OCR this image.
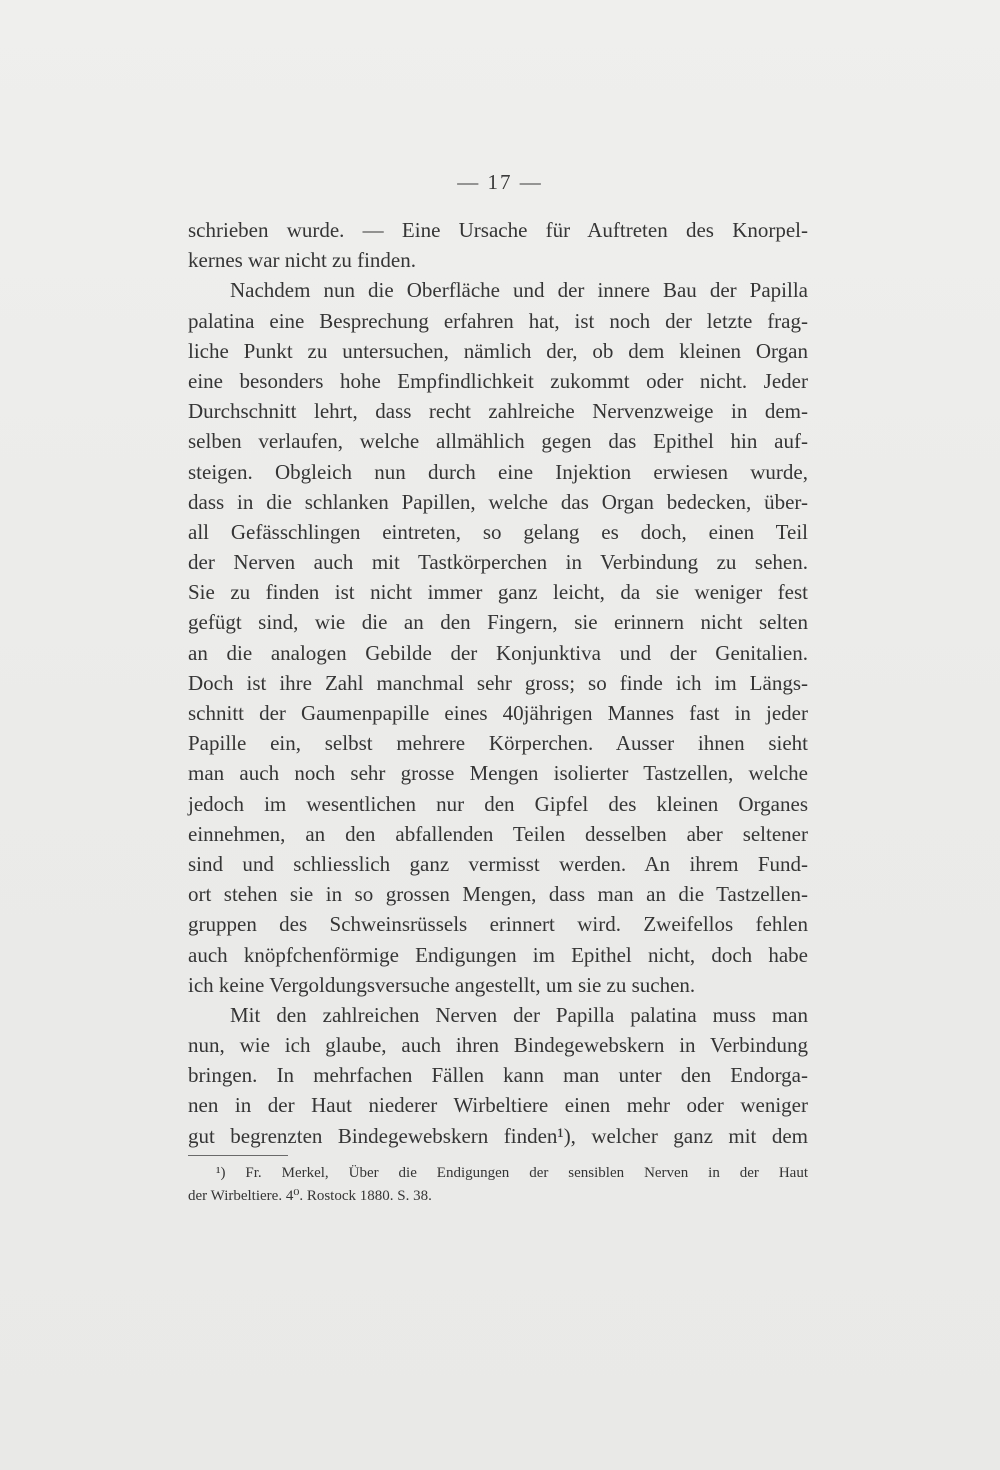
— 17 —
schrieben wurde. — Eine Ursache für Auftreten des Knorpel-
kernes war nicht zu finden.
Nachdem nun die Oberfläche und der innere Bau der Papilla
palatina eine Besprechung erfahren hat, ist noch der letzte frag-
liche Punkt zu untersuchen, nämlich der, ob dem kleinen Organ
eine besonders hohe Empfindlichkeit zukommt oder nicht. Jeder
Durchschnitt lehrt, dass recht zahlreiche Nervenzweige in dem-
selben verlaufen, welche allmählich gegen das Epithel hin auf-
steigen. Obgleich nun durch eine Injektion erwiesen wurde,
dass in die schlanken Papillen, welche das Organ bedecken, über-
all Gefässchlingen eintreten, so gelang es doch, einen Teil
der Nerven auch mit Tastkörperchen in Verbindung zu sehen.
Sie zu finden ist nicht immer ganz leicht, da sie weniger fest
gefügt sind, wie die an den Fingern, sie erinnern nicht selten
an die analogen Gebilde der Konjunktiva und der Genitalien.
Doch ist ihre Zahl manchmal sehr gross; so finde ich im Längs-
schnitt der Gaumenpapille eines 40jährigen Mannes fast in jeder
Papille ein, selbst mehrere Körperchen. Ausser ihnen sieht
man auch noch sehr grosse Mengen isolierter Tastzellen, welche
jedoch im wesentlichen nur den Gipfel des kleinen Organes
einnehmen, an den abfallenden Teilen desselben aber seltener
sind und schliesslich ganz vermisst werden. An ihrem Fund-
ort stehen sie in so grossen Mengen, dass man an die Tastzellen-
gruppen des Schweinsrüssels erinnert wird. Zweifellos fehlen
auch knöpfchenförmige Endigungen im Epithel nicht, doch habe
ich keine Vergoldungsversuche angestellt, um sie zu suchen.
Mit den zahlreichen Nerven der Papilla palatina muss man
nun, wie ich glaube, auch ihren Bindegewebskern in Verbindung
bringen. In mehrfachen Fällen kann man unter den Endorga-
nen in der Haut niederer Wirbeltiere einen mehr oder weniger
gut begrenzten Bindegewebskern finden¹), welcher ganz mit dem
¹) Fr. Merkel, Über die Endigungen der sensiblen Nerven in der Haut
der Wirbeltiere. 4⁰. Rostock 1880. S. 38.
